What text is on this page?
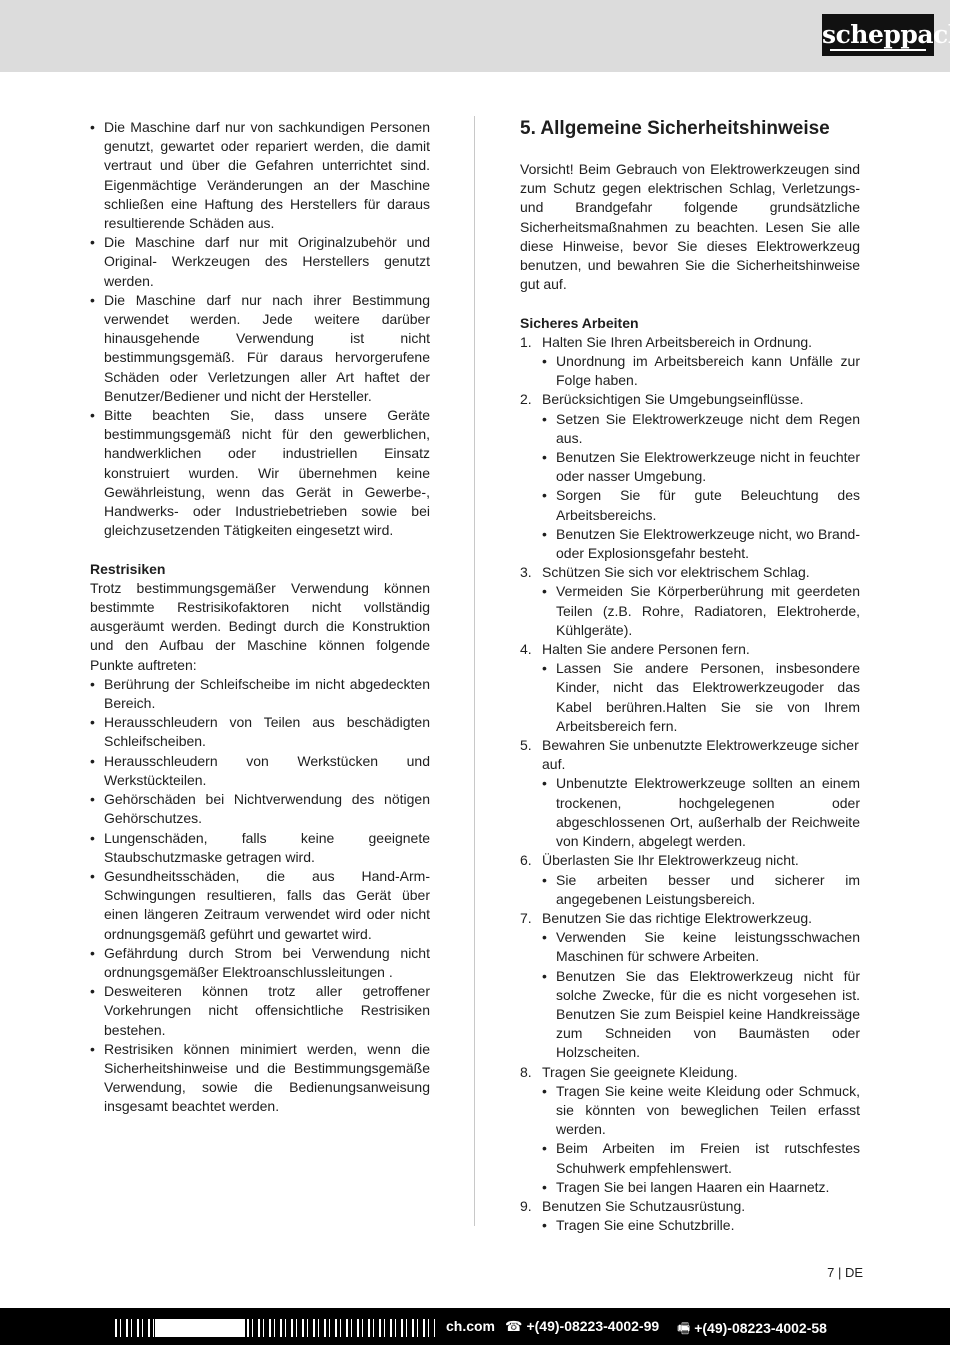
scheppach
• Die Maschine darf nur von sachkundigen Personen genutzt, gewartet oder repariert werden, die damit vertraut und über die Gefahren unterrichtet sind. Eigenmächtige Veränderungen an der Maschine schließen eine Haftung des Herstellers für daraus resultierende Schäden aus.
• Die Maschine darf nur mit Originalzubehör und Original- Werkzeugen des Herstellers genutzt werden.
• Die Maschine darf nur nach ihrer Bestimmung verwendet werden. Jede weitere darüber hinausgehende Verwendung ist nicht bestimmungsgemäß. Für daraus hervorgerufene Schäden oder Verletzungen aller Art haftet der Benutzer/Bediener und nicht der Hersteller.
• Bitte beachten Sie, dass unsere Geräte bestimmungsgemäß nicht für den gewerblichen, handwerklichen oder industriellen Einsatz konstruiert wurden. Wir übernehmen keine Gewährleistung, wenn das Gerät in Gewerbe-, Handwerks- oder Industriebetrieben sowie bei gleichzusetzenden Tätigkeiten eingesetzt wird.

Restrisiken

Trotz bestimmungsgemäßer Verwendung können bestimmte Restrisikofaktoren nicht vollständig ausgeräumt werden. Bedingt durch die Konstruktion und den Aufbau der Maschine können folgende Punkte auftreten:

• Berührung der Schleifscheibe im nicht abgedeckten Bereich.
• Herausschleudern von Teilen aus beschädigten Schleifscheiben.
• Herausschleudern von Werkstücken und Werkstückteilen.
• Gehörschäden bei Nichtverwendung des nötigen Gehörschutzes.
• Lungenschäden, falls keine geeignete Staubschutzmaske getragen wird.
• Gesundheitsschäden, die aus Hand-Arm- Schwingungen resultieren, falls das Gerät über einen längeren Zeitraum verwendet wird oder nicht ordnungsgemäß geführt und gewartet wird.
• Gefährdung durch Strom bei Verwendung nicht ordnungsgemäßer Elektroanschlussleitungen .
• Desweiteren können trotz aller getroffener Vorkehrungen nicht offensichtliche Restrisiken bestehen.
• Restrisiken können minimiert werden, wenn die Sicherheitshinweise und die Bestimmungsgemäße Verwendung, sowie die Bedienungsanweisung insgesamt beachtet werden.
5. Allgemeine Sicherheitshinweise

Vorsicht! Beim Gebrauch von Elektrowerkzeugen sind zum Schutz gegen elektrischen Schlag, Verletzungs- und Brandgefahr folgende grundsätzliche Sicherheitsmaßnahmen zu beachten. Lesen Sie alle diese Hinweise, bevor Sie dieses Elektrowerkzeug benutzen, und bewahren Sie die Sicherheitshinweise gut auf.

Sicheres Arbeiten

1. Halten Sie Ihren Arbeitsbereich in Ordnung.
• Unordnung im Arbeitsbereich kann Unfälle zur Folge haben.
2. Berücksichtigen Sie Umgebungseinflüsse.
• Setzen Sie Elektrowerkzeuge nicht dem Regen aus.
• Benutzen Sie Elektrowerkzeuge nicht in feuchter oder nasser Umgebung.
• Sorgen Sie für gute Beleuchtung des Arbeitsbereichs.
• Benutzen Sie Elektrowerkzeuge nicht, wo Brand- oder Explosionsgefahr besteht.
3. Schützen Sie sich vor elektrischem Schlag.
• Vermeiden Sie Körperberührung mit geerdeten Teilen (z.B. Rohre, Radiatoren, Elektroherde, Kühlgeräte).
4. Halten Sie andere Personen fern.
• Lassen Sie andere Personen, insbesondere Kinder, nicht das Elektrowerkzeugoder das Kabel berühren.Halten Sie sie von Ihrem Arbeitsbereich fern.
5. Bewahren Sie unbenutzte Elektrowerkzeuge sicher auf.
• Unbenutzte Elektrowerkzeuge sollten an einem trockenen, hochgelegenen oder abgeschlossenen Ort, außerhalb der Reichweite von Kindern, abgelegt werden.
6. Überlasten Sie Ihr Elektrowerkzeug nicht.
• Sie arbeiten besser und sicherer im angegebenen Leistungsbereich.
7. Benutzen Sie das richtige Elektrowerkzeug.
• Verwenden Sie keine leistungsschwachen Maschinen für schwere Arbeiten.
• Benutzen Sie das Elektrowerkzeug nicht für solche Zwecke, für die es nicht vorgesehen ist. Benutzen Sie zum Beispiel keine Handkreissäge zum Schneiden von Baumästen oder Holzscheiten.
8. Tragen Sie geeignete Kleidung.
• Tragen Sie keine weite Kleidung oder Schmuck, sie könnten von beweglichen Teilen erfasst werden.
• Beim Arbeiten im Freien ist rutschfestes Schuhwerk empfehlenswert.
• Tragen Sie bei langen Haaren ein Haarnetz.
9. Benutzen Sie Schutzausrüstung.
• Tragen Sie eine Schutzbrille.
7 | DE
ch.com ☎ +(49)-08223-4002-99 🖷 +(49)-08223-4002-58
